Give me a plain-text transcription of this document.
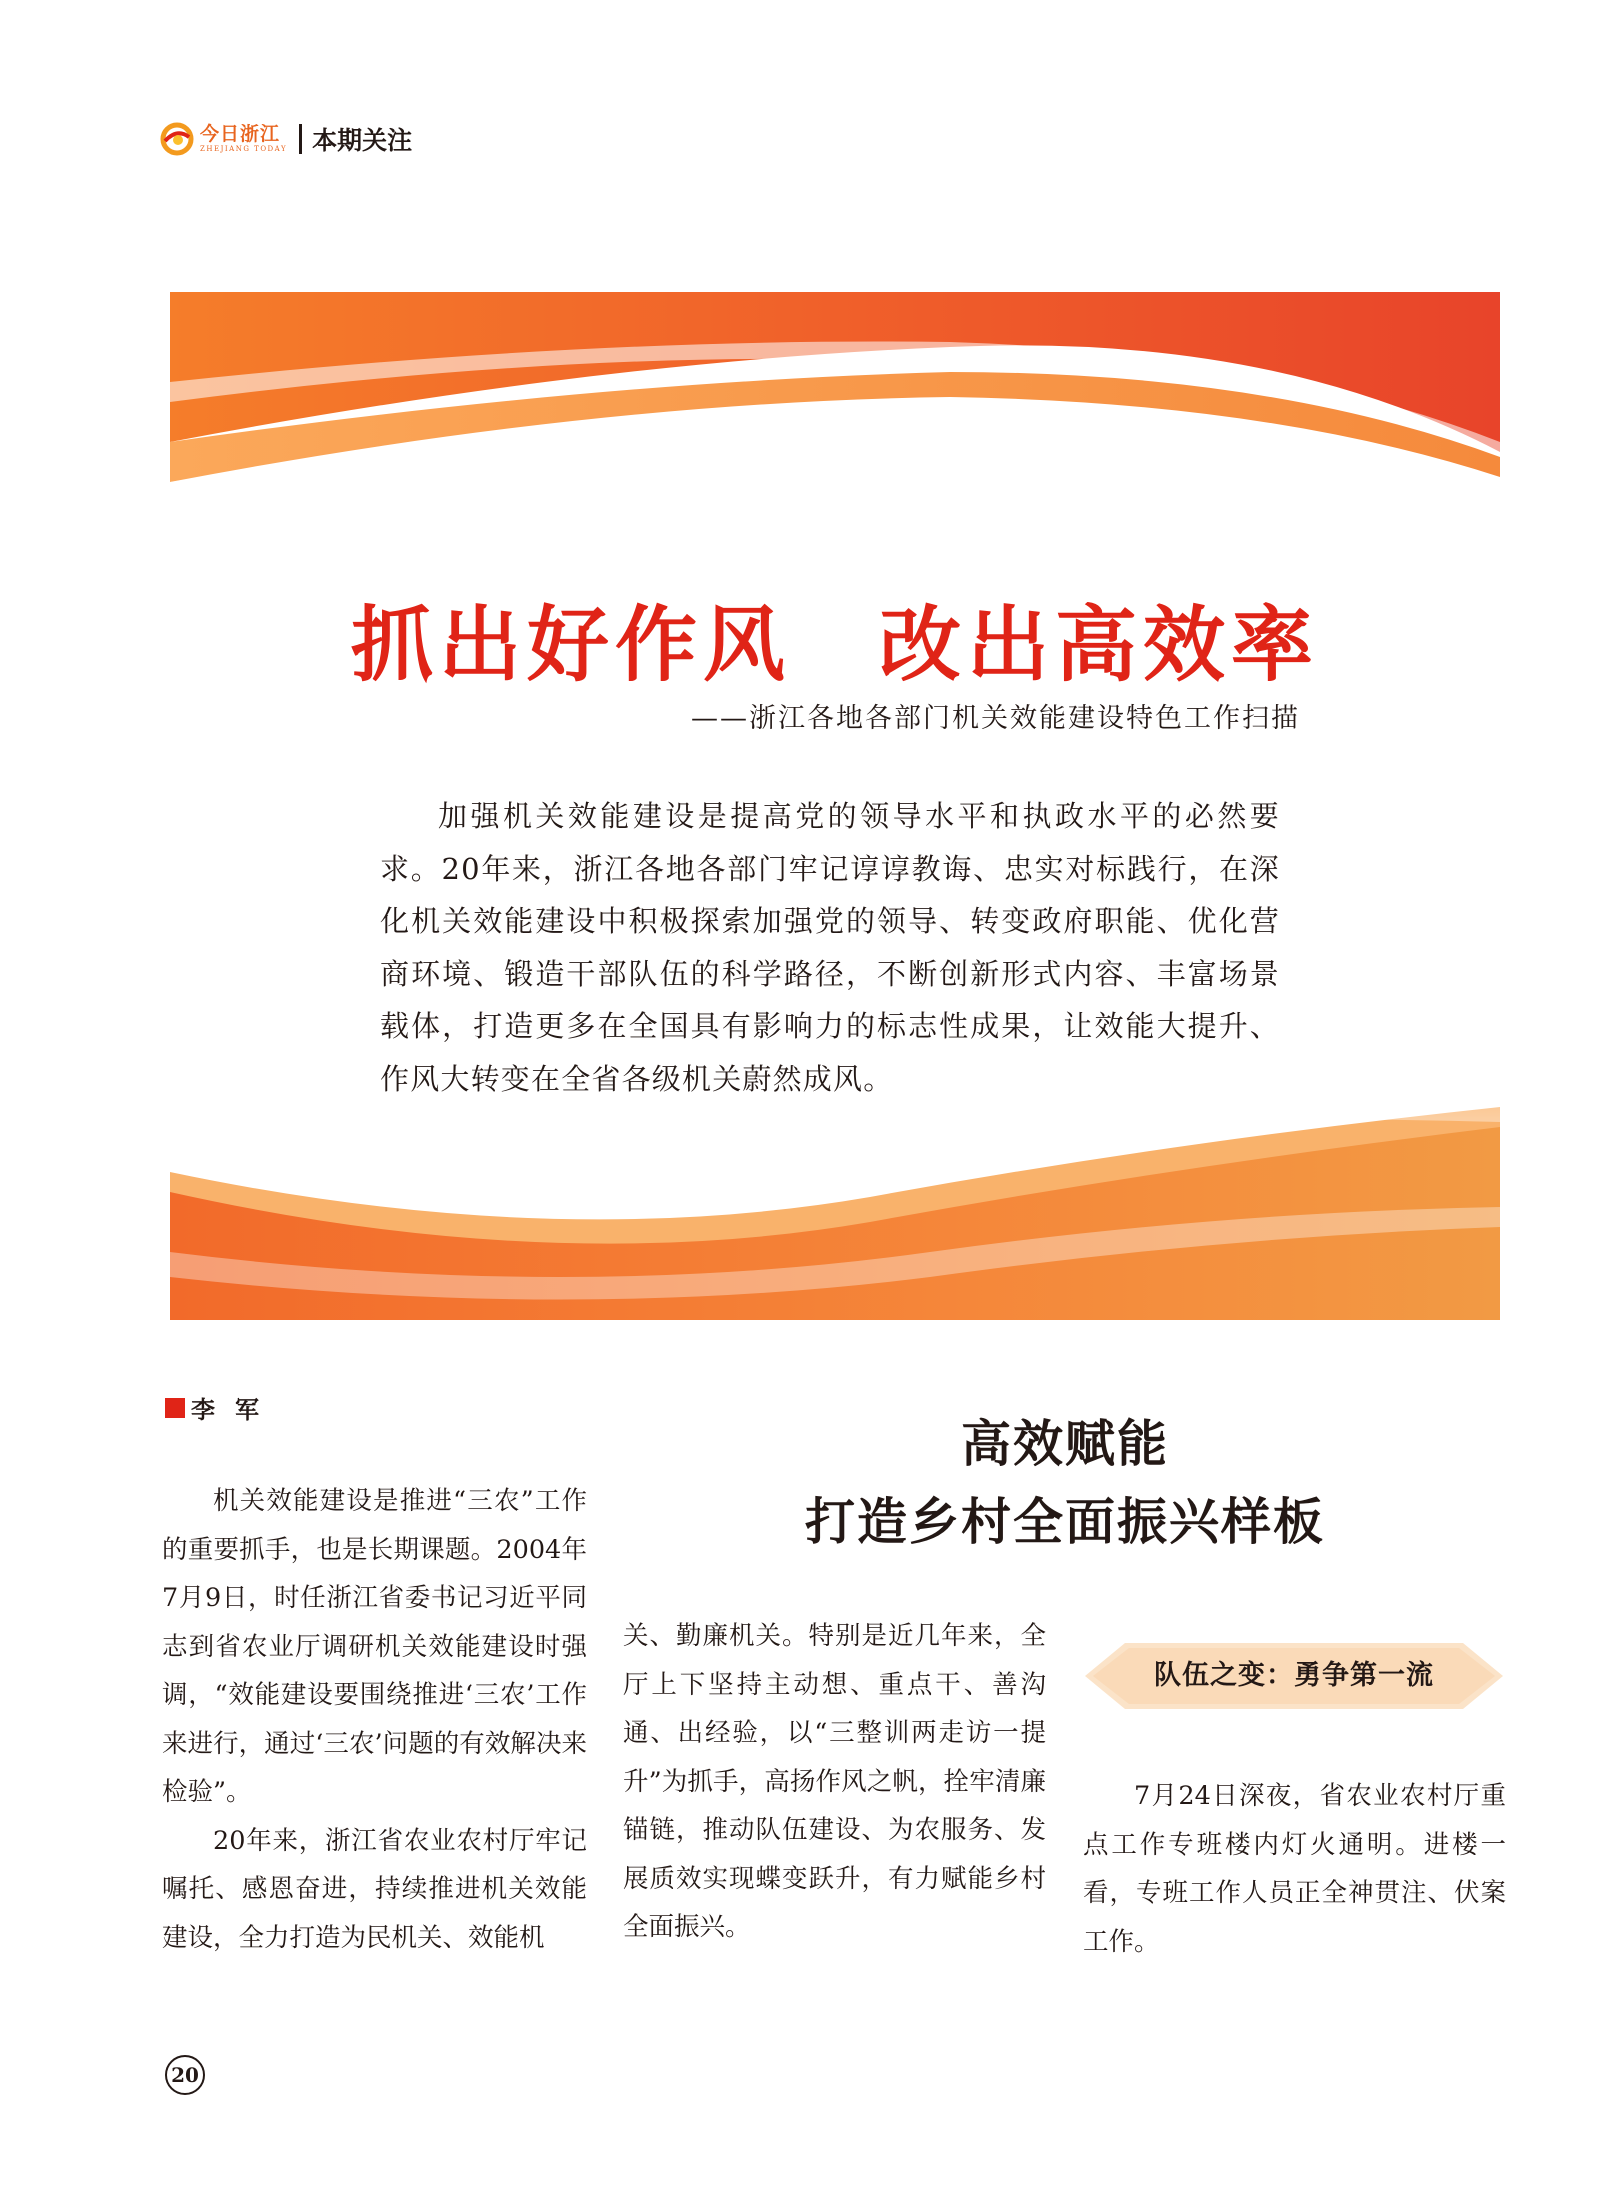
今日浙江
ZHEJIANG TODAY 本期关注
抓出好作风　改出高效率
——浙江各地各部门机关效能建设特色工作扫描
加强机关效能建设是提高党的领导水平和执政水平的必然要求。20年来，浙江各地各部门牢记谆谆教诲、忠实对标践行，在深化机关效能建设中积极探索加强党的领导、转变政府职能、优化营商环境、锻造干部队伍的科学路径，不断创新形式内容、丰富场景载体，打造更多在全国具有影响力的标志性成果，让效能大提升、作风大转变在全省各级机关蔚然成风。
李军
高效赋能
打造乡村全面振兴样板

机关效能建设是推进“三农”工作的重要抓手，也是长期课题。2004年7月9日，时任浙江省委书记习近平同志到省农业厅调研机关效能建设时强调，“效能建设要围绕推进‘三农’工作来进行，通过‘三农’问题的有效解决来检验”。

20年来，浙江省农业农村厅牢记嘱托、感恩奋进，持续推进机关效能建设，全力打造为民机关、效能机

关、勤廉机关。特别是近几年来，全厅上下坚持主动想、重点干、善沟通、出经验，以“三整训两走访一提升”为抓手，高扬作风之帆，拴牢清廉锚链，推动队伍建设、为农服务、发展质效实现蝶变跃升，有力赋能乡村全面振兴。

队伍之变：勇争第一流

7月24日深夜，省农业农村厅重点工作专班楼内灯火通明。进楼一看，专班工作人员正全神贯注、伏案工作。

20
